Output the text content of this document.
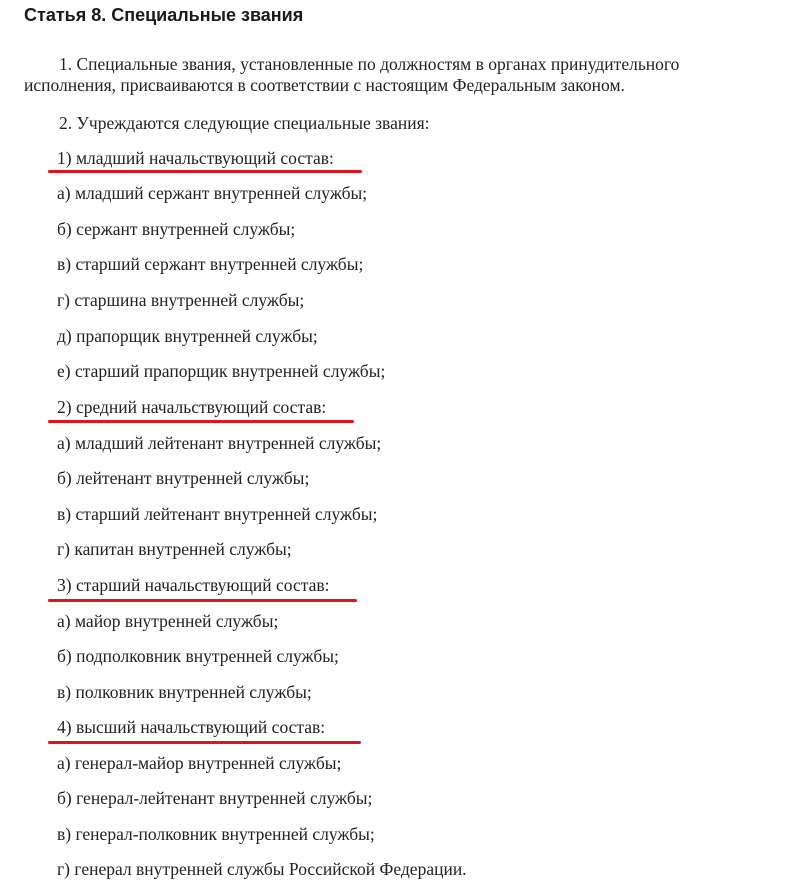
Статья 8. Специальные звания
1. Специальные звания, установленные по должностям в органах принудительного исполнения, присваиваются в соответствии с настоящим Федеральным законом.
2. Учреждаются следующие специальные звания:
1) младший начальствующий состав:
а) младший сержант внутренней службы;
б) сержант внутренней службы;
в) старший сержант внутренней службы;
г) старшина внутренней службы;
д) прапорщик внутренней службы;
е) старший прапорщик внутренней службы;
2) средний начальствующий состав:
а) младший лейтенант внутренней службы;
б) лейтенант внутренней службы;
в) старший лейтенант внутренней службы;
г) капитан внутренней службы;
3) старший начальствующий состав:
а) майор внутренней службы;
б) подполковник внутренней службы;
в) полковник внутренней службы;
4) высший начальствующий состав:
а) генерал-майор внутренней службы;
б) генерал-лейтенант внутренней службы;
в) генерал-полковник внутренней службы;
г) генерал внутренней службы Российской Федерации.
